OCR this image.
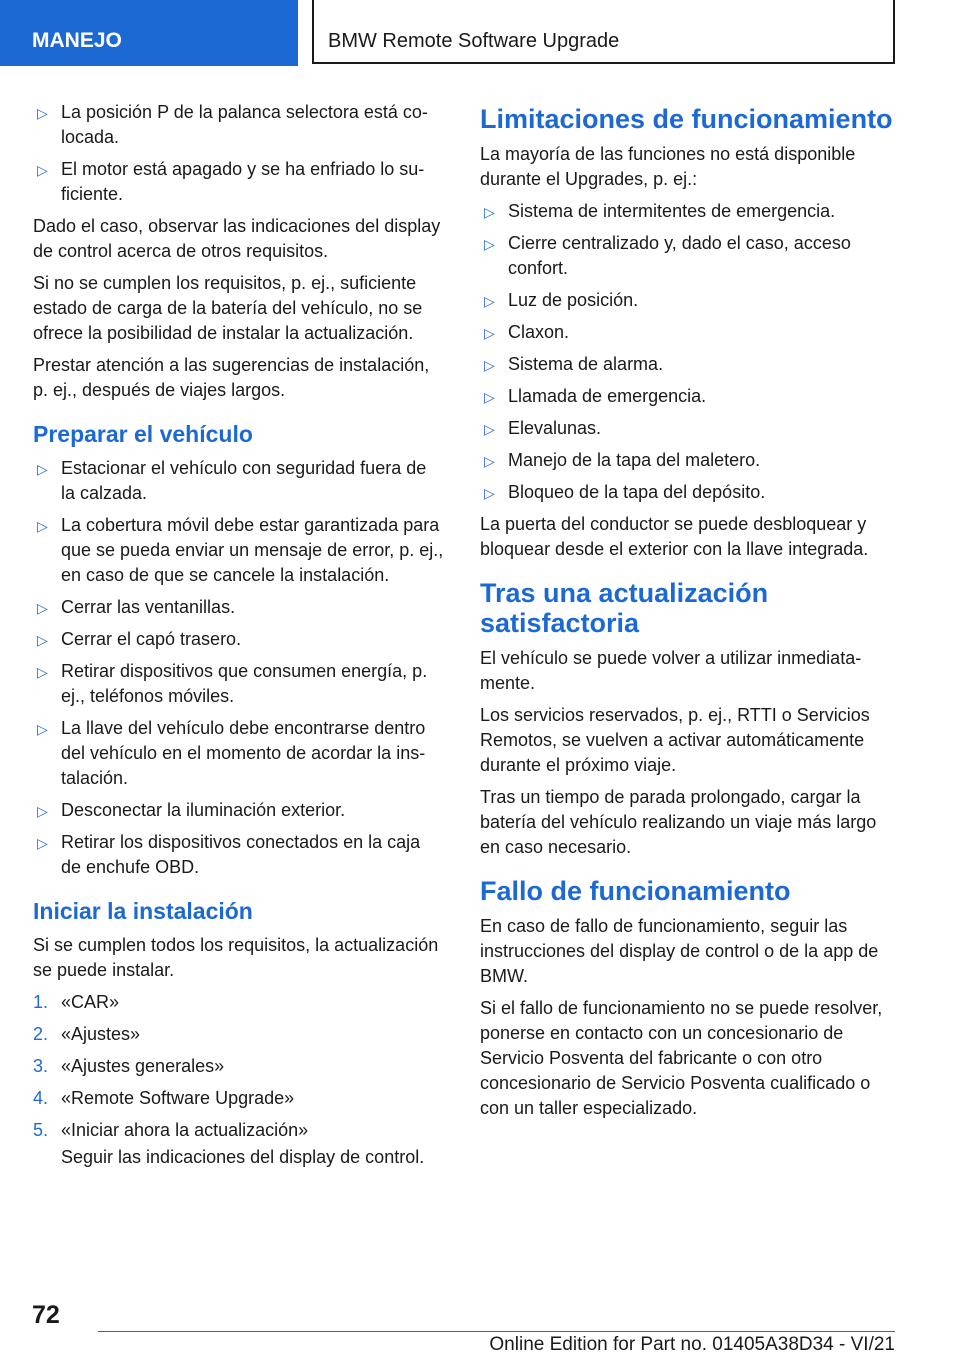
MANEJO	BMW Remote Software Upgrade
▷ La posición P de la palanca selectora está colocada.
▷ El motor está apagado y se ha enfriado lo suficiente.

Dado el caso, observar las indicaciones del display de control acerca de otros requisitos.

Si no se cumplen los requisitos, p. ej., suficiente estado de carga de la batería del vehículo, no se ofrece la posibilidad de instalar la actualización.

Prestar atención a las sugerencias de instalación, p. ej., después de viajes largos.

Preparar el vehículo
▷ Estacionar el vehículo con seguridad fuera de la calzada.
▷ La cobertura móvil debe estar garantizada para que se pueda enviar un mensaje de error, p. ej., en caso de que se cancele la instalación.
▷ Cerrar las ventanillas.
▷ Cerrar el capó trasero.
▷ Retirar dispositivos que consumen energía, p. ej., teléfonos móviles.
▷ La llave del vehículo debe encontrarse dentro del vehículo en el momento de acordar la instalación.
▷ Desconectar la iluminación exterior.
▷ Retirar los dispositivos conectados en la caja de enchufe OBD.
Iniciar la instalación

Si se cumplen todos los requisitos, la actualización se puede instalar.

1. «CAR»
2. «Ajustes»
3. «Ajustes generales»
4. «Remote Software Upgrade»
5. «Iniciar ahora la actualización»

Seguir las indicaciones del display de control.

Limitaciones de funcionamiento

La mayoría de las funciones no está disponible durante el Upgrades, p. ej.:

▷ Sistema de intermitentes de emergencia.
▷ Cierre centralizado y, dado el caso, acceso confort.
▷ Luz de posición.
▷ Claxon.
▷ Sistema de alarma.
▷ Llamada de emergencia.
▷ Elevalunas.
▷ Manejo de la tapa del maletero.
▷ Bloqueo de la tapa del depósito.

La puerta del conductor se puede desbloquear y bloquear desde el exterior con la llave integrada.

Tras una actualización satisfactoria

El vehículo se puede volver a utilizar inmediatamente.

Los servicios reservados, p. ej., RTTI o Servicios Remotos, se vuelven a activar automáticamente durante el próximo viaje.

Tras un tiempo de parada prolongado, cargar la batería del vehículo realizando un viaje más largo en caso necesario.

Fallo de funcionamiento

En caso de fallo de funcionamiento, seguir las instrucciones del display de control o de la app de BMW.

Si el fallo de funcionamiento no se puede resolver, ponerse en contacto con un concesionario de Servicio Posventa del fabricante o con otro concesionario de Servicio Posventa cualificado o con un taller especializado.

72
Online Edition for Part no. 01405A38D34 - VI/21
